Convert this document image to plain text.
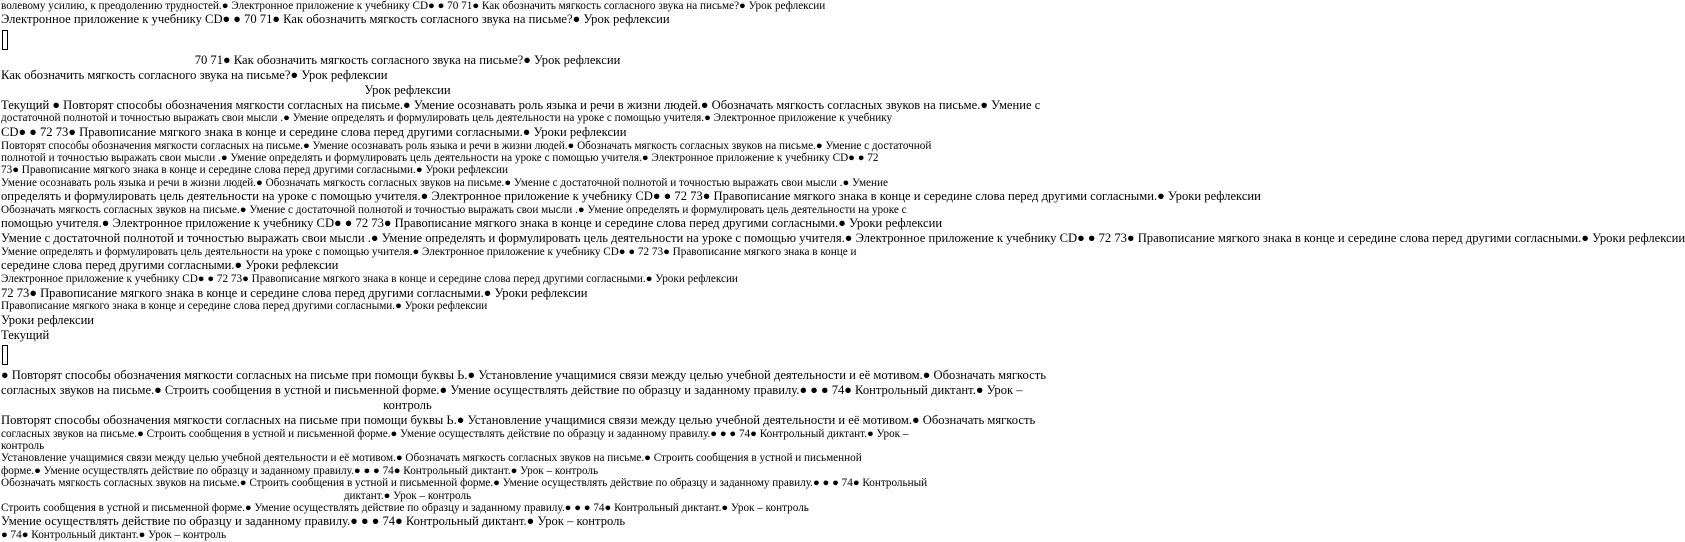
волевому усилию, к преодолению трудностей.● Электронное приложение к учебнику CD● ● 70 71● Как обозначить мягкость согласного звука на письме?● Урок рефлексии
Электронное приложение к учебнику CD● ● 70 71● Как обозначить мягкость согласного звука на письме?● Урок рефлексии
70 71● Как обозначить мягкость согласного звука на письме?● Урок рефлексии
Как обозначить мягкость согласного звука на письме?● Урок рефлексии
Урок рефлексии
Текущий ● Повторят способы обозначения мягкости согласных на письме.● Умение осознавать роль языка и речи в жизни людей.● Обозначать мягкость согласных звуков на письме.● Умение с
достаточной полнотой и точностью выражать свои мысли .● Умение определять и формулировать цель деятельности на уроке с помощью учителя.● Электронное приложение к учебнику
CD● ● 72 73● Правописание мягкого знака в конце и середине слова перед другими согласными.● Уроки рефлексии
Повторят способы обозначения мягкости согласных на письме.● Умение осознавать роль языка и речи в жизни людей.● Обозначать мягкость согласных звуков на письме.● Умение с достаточной
полнотой и точностью выражать свои мысли .● Умение определять и формулировать цель деятельности на уроке с помощью учителя.● Электронное приложение к учебнику CD● ● 72
73● Правописание мягкого знака в конце и середине слова перед другими согласными.● Уроки рефлексии
Умение осознавать роль языка и речи в жизни людей.● Обозначать мягкость согласных звуков на письме.● Умение с достаточной полнотой и точностью выражать свои мысли .● Умение
определять и формулировать цель деятельности на уроке с помощью учителя.● Электронное приложение к учебнику CD● ● 72 73● Правописание мягкого знака в конце и середине слова перед другими согласными.● Уроки рефлексии
Обозначать мягкость согласных звуков на письме.● Умение с достаточной полнотой и точностью выражать свои мысли .● Умение определять и формулировать цель деятельности на уроке с
помощью учителя.● Электронное приложение к учебнику CD● ● 72 73● Правописание мягкого знака в конце и середине слова перед другими согласными.● Уроки рефлексии
Умение с достаточной полнотой и точностью выражать свои мысли .● Умение определять и формулировать цель деятельности на уроке с помощью учителя.● Электронное приложение к учебнику CD● ● 72 73● Правописание мягкого знака в конце и середине слова перед другими согласными.● Уроки рефлексии
Умение определять и формулировать цель деятельности на уроке с помощью учителя.● Электронное приложение к учебнику CD● ● 72 73● Правописание мягкого знака в конце и
середине слова перед другими согласными.● Уроки рефлексии
Электронное приложение к учебнику CD● ● 72 73● Правописание мягкого знака в конце и середине слова перед другими согласными.● Уроки рефлексии
72 73● Правописание мягкого знака в конце и середине слова перед другими согласными.● Уроки рефлексии
Правописание мягкого знака в конце и середине слова перед другими согласными.● Уроки рефлексии
Уроки рефлексии
Текущий
● Повторят способы обозначения мягкости согласных на письме при помощи буквы Ь.● Установление учащимися связи между целью учебной деятельности и её мотивом.● Обозначать мягкость
согласных звуков на письме.● Строить сообщения в устной и письменной форме.● Умение осуществлять действие по образцу и заданному правилу.● ● ● 74● Контрольный диктант.● Урок –
контроль
Повторят способы обозначения мягкости согласных на письме при помощи буквы Ь.● Установление учащимися связи между целью учебной деятельности и её мотивом.● Обозначать мягкость
согласных звуков на письме.● Строить сообщения в устной и письменной форме.● Умение осуществлять действие по образцу и заданному правилу.● ● ● 74● Контрольный диктант.● Урок –
контроль
Установление учащимися связи между целью учебной деятельности и её мотивом.● Обозначать мягкость согласных звуков на письме.● Строить сообщения в устной и письменной
форме.● Умение осуществлять действие по образцу и заданному правилу.● ● ● 74● Контрольный диктант.● Урок – контроль
Обозначать мягкость согласных звуков на письме.● Строить сообщения в устной и письменной форме.● Умение осуществлять действие по образцу и заданному правилу.● ● ● 74● Контрольный
диктант.● Урок – контроль
Строить сообщения в устной и письменной форме.● Умение осуществлять действие по образцу и заданному правилу.● ● ● 74● Контрольный диктант.● Урок – контроль
Умение осуществлять действие по образцу и заданному правилу.● ● ● 74● Контрольный диктант.● Урок – контроль
● 74● Контрольный диктант.● Урок – контроль
